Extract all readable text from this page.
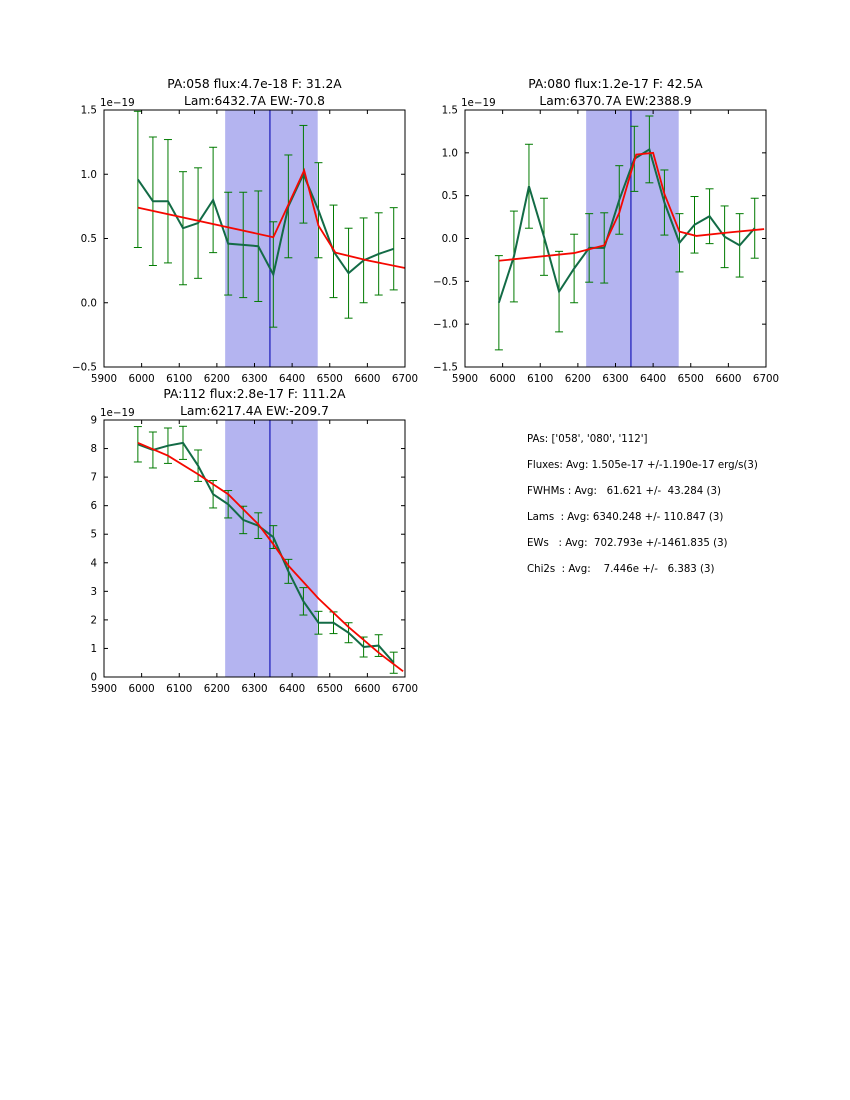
5900 6000 6100 6200 6300 6400 6500 6600 6700
−0.5
0.0
0.5
1.0
1.5
PA:058 flux:4.7e-18 F: 31.2A
Lam:6432.7A EW:-70.8
1e−19
5900 6000 6100 6200 6300 6400 6500 6600 6700
−1.5
−1.0
−0.5
0.0
0.5
1.0
1.5
PA:080 flux:1.2e-17 F: 42.5A
Lam:6370.7A EW:2388.9
1e−19
5900 6000 6100 6200 6300 6400 6500 6600 6700
0
1
2
3
4
5
6
7
8
9
PA:112 flux:2.8e-17 F: 111.2A
Lam:6217.4A EW:-209.7
1e−19
PAs: ['058', '080', '112']
Fluxes: Avg: 1.505e-17 +/-1.190e-17 erg/s(3)
FWHMs : Avg:   61.621 +/-  43.284 (3)
Lams  : Avg: 6340.248 +/- 110.847 (3)
EWs   : Avg:  702.793e +/-1461.835 (3)
Chi2s  : Avg:    7.446e +/-   6.383 (3)
